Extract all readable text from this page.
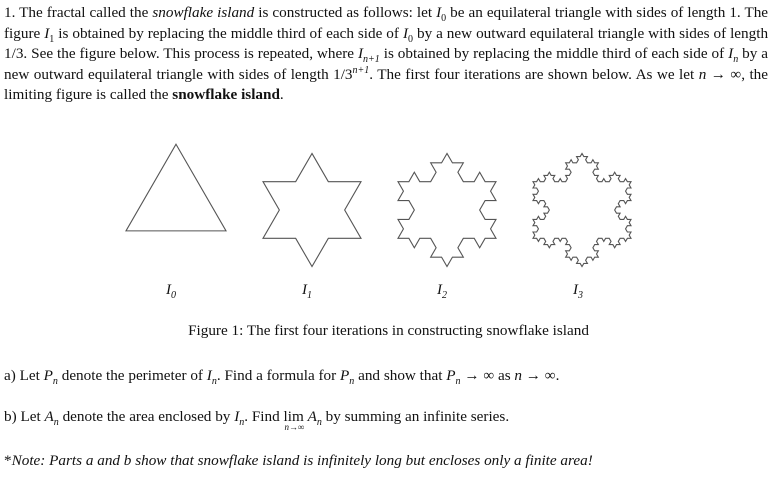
1. The fractal called the snowflake island is constructed as follows: let $I_0$ be an equilateral triangle with sides of length 1. The figure $I_1$ is obtained by replacing the middle third of each side of $I_0$ by a new outward equilateral triangle with sides of length 1/3. See the figure below. This process is repeated, where $I_{n+1}$ is obtained by replacing the middle third of each side of $I_n$ by a new outward equilateral triangle with sides of length $1/3^{n+1}$. The first four iterations are shown below. As we let n → ∞, the limiting figure is called the snowflake island.
$I_0$	$I_1$	$I_2$	$I_3$
Figure 1: The first four iterations in constructing snowflake island
a) Let $P_n$ denote the perimeter of $I_n$. Find a formula for $P_n$ and show that $P_n$ → ∞ as n → ∞.
b) Let $A_n$ denote the area enclosed by $I_n$. Find lim
n→∞
$A_n$ by summing an infinite series.
*Note: Parts a and b show that snowflake island is infinitely long but encloses only a finite area!
